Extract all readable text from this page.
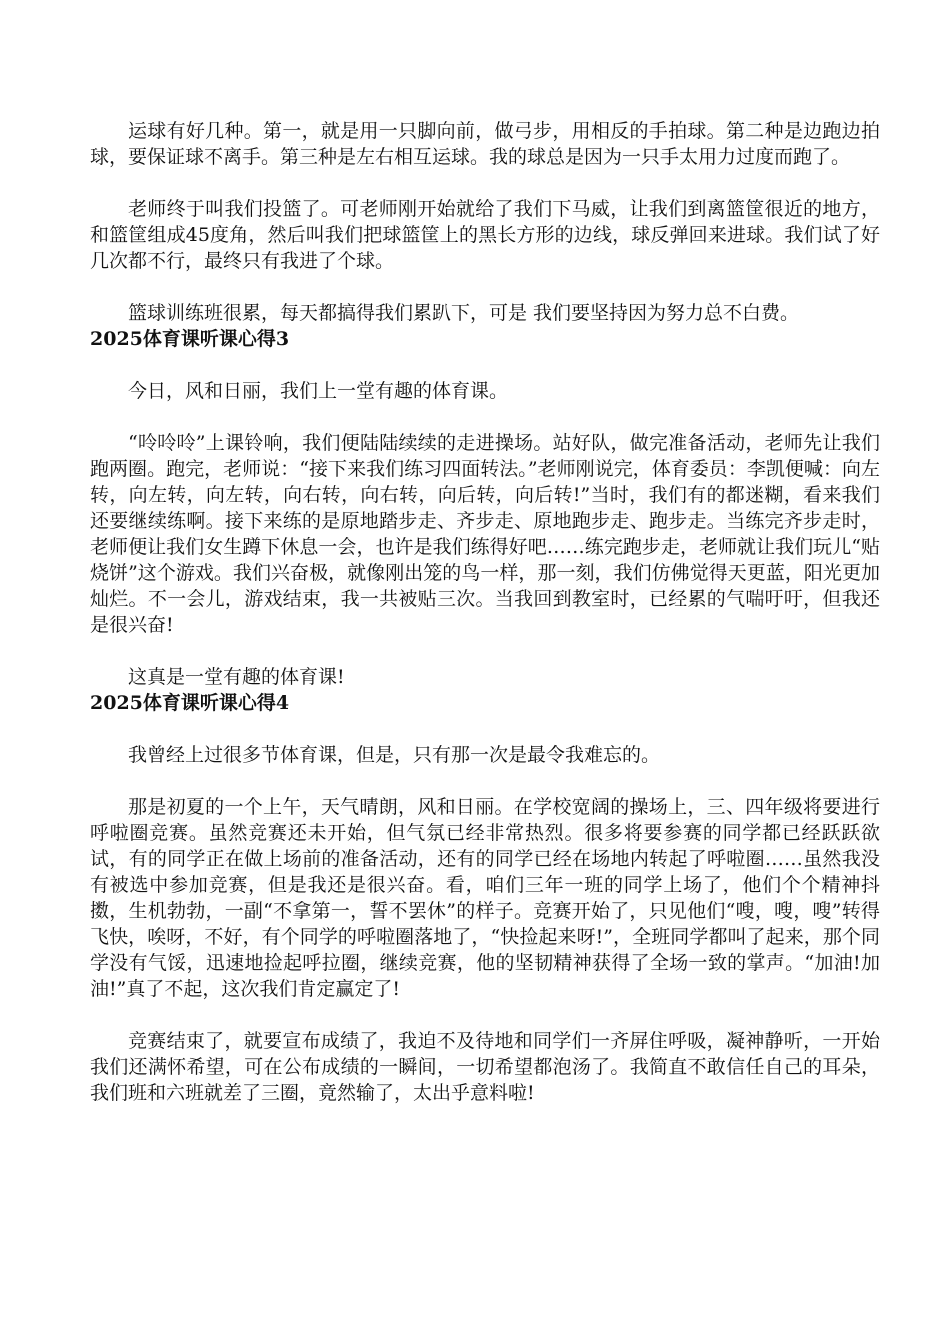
运球有好几种。第一，就是用一只脚向前，做弓步，用相反的手拍球。第二种是边跑边拍球，要保证球不离手。第三种是左右相互运球。我的球总是因为一只手太用力过度而跑了。

老师终于叫我们投篮了。可老师刚开始就给了我们下马威，让我们到离篮筐很近的地方，和篮筐组成45度角，然后叫我们把球篮筐上的黑长方形的边线，球反弹回来进球。我们试了好几次都不行，最终只有我进了个球。

篮球训练班很累，每天都搞得我们累趴下，可是 我们要坚持因为努力总不白费。

2025体育课听课心得3

今日，风和日丽，我们上一堂有趣的体育课。

“呤呤呤”上课铃响，我们便陆陆续续的走进操场。站好队，做完准备活动，老师先让我们跑两圈。跑完，老师说：“接下来我们练习四面转法。”老师刚说完，体育委员：李凯便喊：向左转，向左转，向左转，向右转，向右转，向后转，向后转!”当时，我们有的都迷糊，看来我们还要继续练啊。接下来练的是原地踏步走、齐步走、原地跑步走、跑步走。当练完齐步走时，老师便让我们女生蹲下休息一会，也许是我们练得好吧……练完跑步走，老师就让我们玩儿“贴烧饼”这个游戏。我们兴奋极，就像刚出笼的鸟一样，那一刻，我们仿佛觉得天更蓝，阳光更加灿烂。不一会儿，游戏结束，我一共被贴三次。当我回到教室时，已经累的气喘吁吁，但我还是很兴奋!

这真是一堂有趣的体育课!

2025体育课听课心得4

我曾经上过很多节体育课，但是，只有那一次是最令我难忘的。

那是初夏的一个上午，天气晴朗，风和日丽。在学校宽阔的操场上，三、四年级将要进行呼啦圈竞赛。虽然竞赛还未开始，但气氛已经非常热烈。很多将要参赛的同学都已经跃跃欲试，有的同学正在做上场前的准备活动，还有的同学已经在场地内转起了呼啦圈……虽然我没有被选中参加竞赛，但是我还是很兴奋。看，咱们三年一班的同学上场了，他们个个精神抖擞，生机勃勃，一副“不拿第一，誓不罢休”的样子。竞赛开始了，只见他们“嗖，嗖，嗖”转得飞快，唉呀，不好，有个同学的呼啦圈落地了，“快捡起来呀!”，全班同学都叫了起来，那个同学没有气馁，迅速地捡起呼拉圈，继续竞赛，他的坚韧精神获得了全场一致的掌声。“加油!加油!”真了不起，这次我们肯定赢定了!

竞赛结束了，就要宣布成绩了，我迫不及待地和同学们一齐屏住呼吸，凝神静听，一开始我们还满怀希望，可在公布成绩的一瞬间，一切希望都泡汤了。我简直不敢信任自己的耳朵，我们班和六班就差了三圈，竟然输了，太出乎意料啦!
